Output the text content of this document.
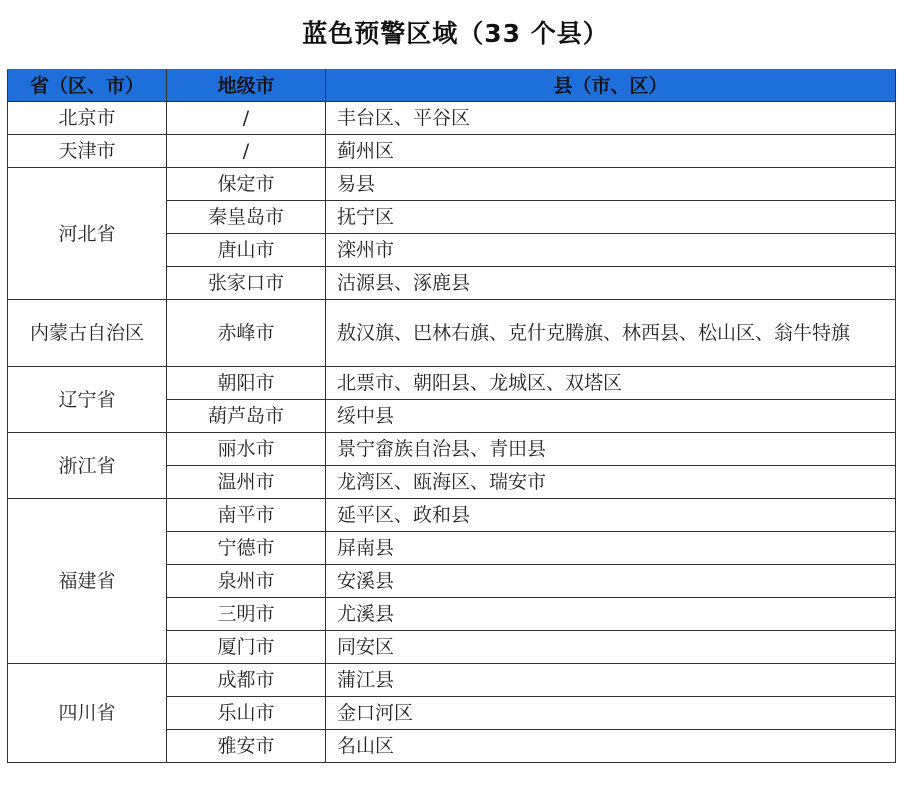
蓝色预警区域（33 个县）
省（区、市）	地级市	县（市、区）
北京市	/	丰台区、平谷区
天津市	/	蓟州区
河北省	保定市	易县
	秦皇岛市	抚宁区
	唐山市	滦州市
	张家口市	沽源县、涿鹿县
内蒙古自治区	赤峰市	敖汉旗、巴林右旗、克什克腾旗、林西县、松山区、翁牛特旗
辽宁省	朝阳市	北票市、朝阳县、龙城区、双塔区
	葫芦岛市	绥中县
浙江省	丽水市	景宁畲族自治县、青田县
	温州市	龙湾区、瓯海区、瑞安市
福建省	南平市	延平区、政和县
	宁德市	屏南县
	泉州市	安溪县
	三明市	尤溪县
	厦门市	同安区
四川省	成都市	蒲江县
	乐山市	金口河区
	雅安市	名山区
